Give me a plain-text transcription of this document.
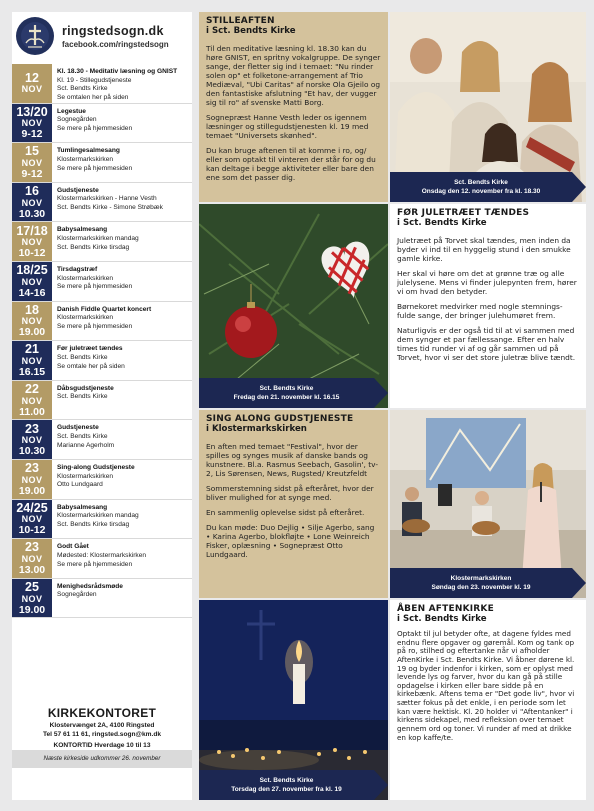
ringstedsogn.dk
facebook.com/ringstedsogn
12
NOV
Kl. 18.30 - Meditativ læsning og GNIST
Kl. 19 - Stillegudstjeneste
Sct. Bendts Kirke
Se omtalen her på siden
13/20
NOV
9-12
Legestue
Sognegården
Se mere på hjemmesiden
15
NOV
9-12
Tumlingesalmesang
Klostermarkskirken
Se mere på hjemmesiden
16
NOV
10.30
Gudstjeneste
Klostermarkskirken - Hanne Vesth
Sct. Bendts Kirke - Simone Strøbæk
17/18
NOV
10-12
Babysalmesang
Klostermarkskirken mandag
Sct. Bendts Kirke tirsdag
18/25
NOV
14-16
Tirsdagstræf
Klostermarkskirken
Se mere på hjemmesiden
18
NOV
19.00
Danish Fiddle Quartet koncert
Klostermarkskirken
Se mere på hjemmesiden
21
NOV
16.15
Før juletræet tændes
Sct. Bendts Kirke
Se omtale her på siden
22
NOV
11.00
Dåbsgudstjeneste
Sct. Bendts Kirke
23
NOV
10.30
Gudstjeneste
Sct. Bendts Kirke
Marianne Agerholm
23
NOV
19.00
Sing-along Gudstjeneste
Klostermarkskirken
Otto Lundgaard
24/25
NOV
10-12
Babysalmesang
Klostermarkskirken mandag
Sct. Bendts Kirke tirsdag
23
NOV
13.00
Godt Gået
Mødested: Klostermarkskirken
Se mere på hjemmesiden
25
NOV
19.00
Menighedsrådsmøde
Sognegården
KIRKEKONTORET
Klostervænget 2A, 4100 Ringsted
Tel 57 61 11 61, ringsted.sogn@km.dk
KONTORTID Hverdage 10 til 13
Næste kirkeside udkommer 26. november
STILLEAFTEN
i Sct. Bendts Kirke

Til den meditative læsning kl. 18.30 kan du høre GNIST, en spritny vokalgruppe. De synger sange, der fletter sig ind i temaet: "Nu rinder solen op" et folketone-arrangement af Trio Mediæval, "Ubi Caritas" af norske Ola Gjeilo og den fantastiske afslutning "Et hav, der vugger sig til ro" af svenske Matti Borg.

Sognepræst Hanne Vesth leder os igennem læsninger og stillegudstjenesten kl. 19 med temaet "Universets skønhed".

Du kan bruge aftenen til at komme i ro, og/ eller som optakt til vinteren der står for og du kan deltage i begge aktiviteter eller bare den ene som det passer dig.	Sct. Bendts Kirke
Onsdag den 12. november fra kl. 18.30
Sct. Bendts Kirke
Fredag den 21. november kl. 16.15
FØR JULETRÆET TÆNDES
i Sct. Bendts Kirke

Juletræet på Torvet skal tændes, men inden da byder vi ind til en hyggelig stund i den smukke gamle kirke.

Her skal vi høre om det at grønne træ og alle julelysene. Mens vi finder julepynten frem, hører vi om hvad den betyder.

Børnekoret medvirker med nogle stemnings-fulde sange, der bringer julehumøret frem.

Naturligvis er der også tid til at vi sammen med dem synger et par fællessange. Efter en halv times tid runder vi af og går sammen ud på Torvet, hvor vi ser det store juletræ blive tændt.

SING ALONG GUDSTJENESTE
i Klostermarkskirken

En aften med temaet "Festival", hvor der spilles og synges musik af danske bands og kunstnere. Bl.a. Rasmus Seebach, Gasolin', tv-2, Lis Sørensen, News, Rugsted/ Kreutzfeldt

Sommerstemning sidst på efteråret, hvor der bliver mulighed for at synge med.

En sammenlig oplevelse sidst på efteråret.

Du kan møde: Duo Dejlig • Silje Agerbo, sang • Karina Agerbo, blokfløjte • Lone Weinreich Fisker, oplæsning • Sognepræst Otto Lundgaard.

Klostermarkskirken
Søndag den 23. november kl. 19
Sct. Bendts Kirke
Torsdag den 27. november fra kl. 19
ÅBEN AFTENKIRKE
i Sct. Bendts Kirke

Optakt til jul betyder ofte, at dagene fyldes med endnu flere opgaver og gøremål. Kom og tank op på ro, stilhed og eftertanke når vi afholder AftenKirke i Sct. Bendts Kirke. Vi åbner dørene kl. 19 og byder indenfor i kirken, som er oplyst med levende lys og farver, hvor du kan gå på stille opdagelse i kirken eller bare sidde på en kirkebænk. Aftens tema er "Det gode liv", hvor vi sætter fokus på det enkle, i en periode som let kan være hektisk. Kl. 20 holder vi "Aftentanker" i kirkens sidekapel, med refleksion over temaet gennem ord og toner. Vi runder af med at drikke en kop kaffe/te.
